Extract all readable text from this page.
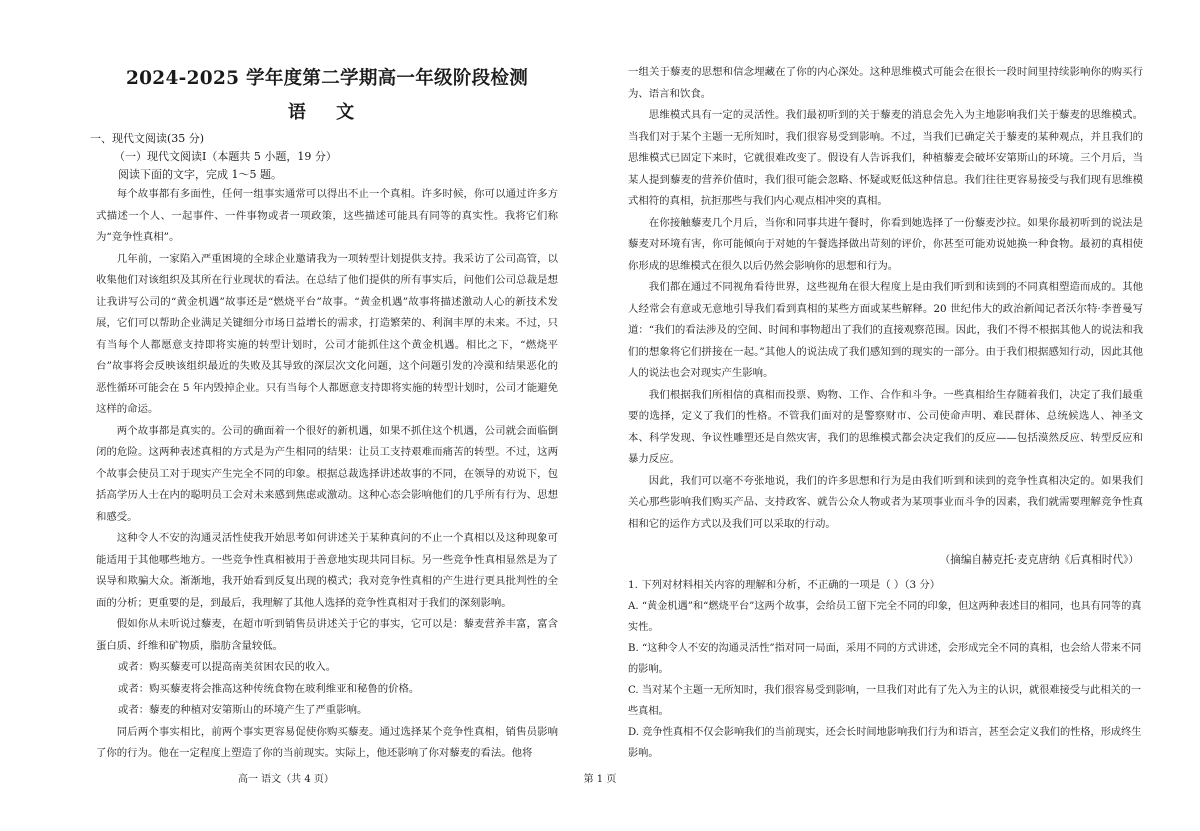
2024-2025 学年度第二学期高一年级阶段检测
语 文
一、现代文阅读(35 分)
（一）现代文阅读Ⅰ（本题共 5 小题，19 分）
阅读下面的文字，完成 1～5 题。

每个故事都有多面性，任何一组事实通常可以得出不止一个真相。许多时候，你可以通过许多方式描述一个人、一起事件、一件事物或者一项政策，这些描述可能具有同等的真实性。我将它们称为“竞争性真相”。

几年前，一家陷入严重困境的全球企业邀请我为一项转型计划提供支持。我采访了公司高管，以收集他们对该组织及其所在行业现状的看法。在总结了他们提供的所有事实后，问他们公司总裁是想让我讲写公司的“黄金机遇”故事还是“燃烧平台”故事。“黄金机遇”故事将描述激动人心的新技术发展，它们可以帮助企业满足关键细分市场日益增长的需求，打造繁荣的、利润丰厚的未来。不过，只有当每个人都愿意支持即将实施的转型计划时，公司才能抓住这个黄金机遇。相比之下，“燃烧平台”故事将会反映该组织最近的失败及其导致的深层次文化问题，这个问题引发的冷漠和结果恶化的恶性循环可能会在 5 年内毁掉企业。只有当每个人都愿意支持即将实施的转型计划时，公司才能避免这样的命运。

两个故事都是真实的。公司的确面着一个很好的新机遇，如果不抓住这个机遇，公司就会面临倒闭的危险。这两种表述真相的方式是为产生相同的结果：让员工支持艰难而痛苦的转型。不过，这两个故事会使员工对于现实产生完全不同的印象。根据总裁选择讲述故事的不同，在领导的劝说下，包括高学历人士在内的聪明员工会对未来感到焦虑或激动。这种心态会影响他们的几乎所有行为、思想和感受。

这种令人不安的沟通灵活性使我开始思考如何讲述关于某种真问的不止一个真相以及这种现象可能适用于其他哪些地方。一些竞争性真相被用于善意地实现共同目标。另一些竞争性真相显然是为了误导和欺骗大众。渐渐地，我开始看到反复出现的模式；我对竞争性真相的产生进行更具批判性的全面的分析；更重要的是，到最后，我理解了其他人选择的竞争性真相对于我们的深刻影响。

假如你从未听说过藜麦，在超市听到销售员讲述关于它的事实，它可以是：藜麦营养丰富，富含蛋白质、纤维和矿物质，脂肪含量较低。

或者：购买藜麦可以提高南美贫困农民的收入。

或者：购买藜麦将会推高这种传统食物在玻利维亚和秘鲁的价格。

或者：藜麦的种植对安第斯山的环境产生了严重影响。

同后两个事实相比，前两个事实更容易促使你购买藜麦。通过选择某个竞争性真相，销售员影响了你的行为。他在一定程度上塑造了你的当前现实。实际上，他还影响了你对藜麦的看法。他将

高一 语文（共 4 页）

一组关于藜麦的思想和信念埋藏在了你的内心深处。这种思维模式可能会在很长一段时间里持续影响你的购买行为、语言和饮食。

思维模式具有一定的灵活性。我们最初听到的关于藜麦的消息会先入为主地影响我们关于藜麦的思维模式。当我们对于某个主题一无所知时，我们很容易受到影响。不过，当我们已确定关于藜麦的某种观点，并且我们的思维模式已固定下来时，它就很难改变了。假设有人告诉我们，种植藜麦会破坏安第斯山的环境。三个月后，当某人提到藜麦的营养价值时，我们很可能会忽略、怀疑或贬低这种信息。我们往往更容易接受与我们现有思维模式相符的真相，抗拒那些与我们内心观点相冲突的真相。

在你接触藜麦几个月后，当你和同事共进午餐时，你看到她选择了一份藜麦沙拉。如果你最初听到的说法是藜麦对环境有害，你可能倾向于对她的午餐选择做出苛刻的评价，你甚至可能劝说她换一种食物。最初的真相使你形成的思维模式在很久以后仍然会影响你的思想和行为。

我们都在通过不同视角看待世界，这些视角在很大程度上是由我们听到和读到的不同真相塑造而成的。其他人经常会有意或无意地引导我们看到真相的某些方面或某些解释。20 世纪伟大的政治新闻记者沃尔特·李普曼写道：“我们的看法涉及的空间、时间和事物超出了我们的直接观察范围。因此，我们不得不根据其他人的说法和我们的想象将它们拼接在一起。”其他人的说法成了我们感知到的现实的一部分。由于我们根据感知行动，因此其他人的说法也会对现实产生影响。

我们根据我们所相信的真相而投票、购物、工作、合作和斗争。一些真相给生存随着我们，决定了我们最重要的选择，定义了我们的性格。不管我们面对的是警察财市、公司使命声明、难民群体、总统候选人、神圣文本、科学发现、争议性雕塑还是自然灾害，我们的思维模式都会决定我们的反应——包括漠然反应、转型反应和暴力反应。

因此，我们可以毫不夸张地说，我们的许多思想和行为是由我们听到和读到的竞争性真相决定的。如果我们关心那些影响我们购买产品、支持政客、就告公众人物或者为某项事业而斗争的因素，我们就需要理解竞争性真相和它的运作方式以及我们可以采取的行动。

（摘编自赫克托·麦克唐纳《后真相时代》）

1. 下列对材料相关内容的理解和分析，不正确的一项是（ ）（3 分）

A. “黄金机遇”和“燃烧平台”这两个故事，会给员工留下完全不同的印象，但这两种表述目的相同，也具有同等的真实性。

B. “这种令人不安的沟通灵活性”指对同一局面，采用不同的方式讲述，会形成完全不同的真相，也会给人带来不同的影响。

C. 当对某个主题一无所知时，我们很容易受到影响，一旦我们对此有了先入为主的认识，就很难接受与此相关的一些真相。

D. 竞争性真相不仅会影响我们的当前现实，还会长时间地影响我们行为和语言，甚至会定义我们的性格，形成终生影响。

第 1 页
